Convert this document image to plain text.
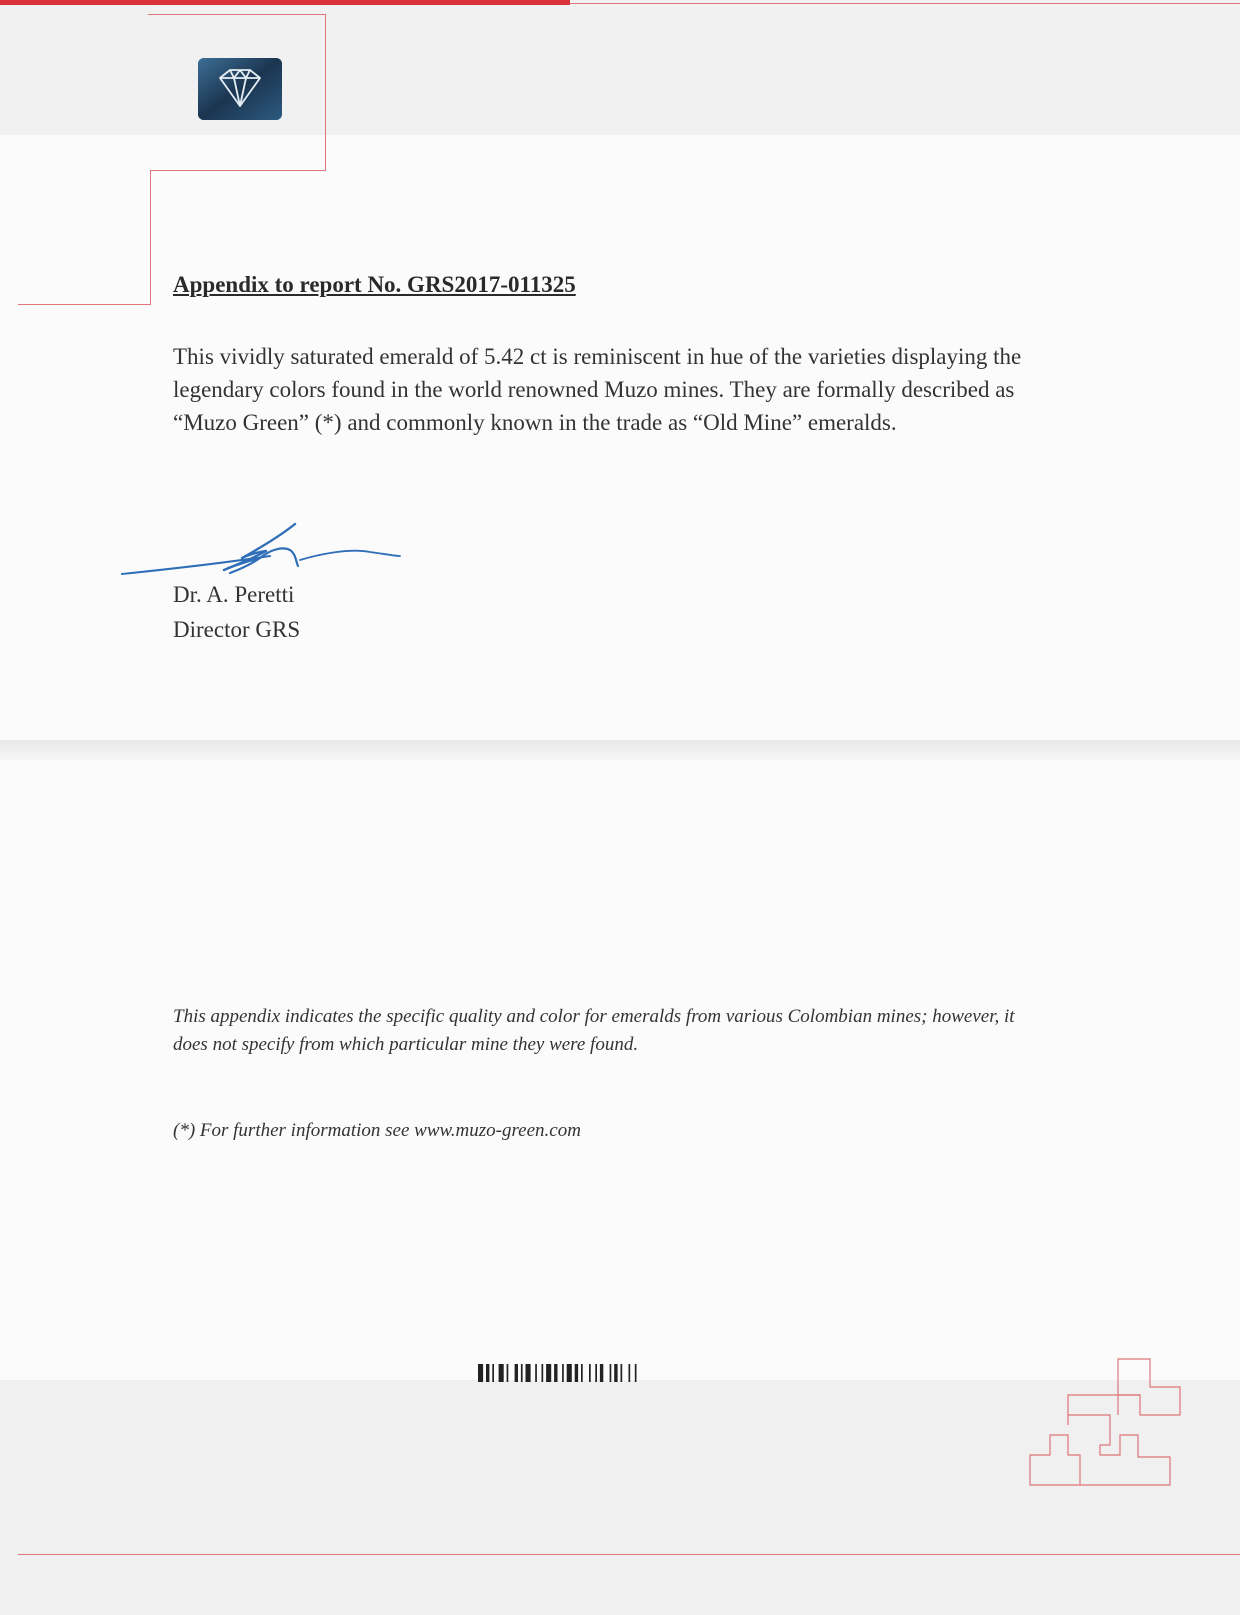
Appendix to report No. GRS2017-011325
This vividly saturated emerald of 5.42 ct is reminiscent in hue of the varieties displaying the legendary colors found in the world renowned Muzo mines. They are formally described as “Muzo Green” (*) and commonly known in the trade as “Old Mine” emeralds.
Dr. A. Peretti
Director GRS
This appendix indicates the specific quality and color for emeralds from various Colombian mines; however, it does not specify from which particular mine they were found.
(*) For further information see www.muzo-green.com
